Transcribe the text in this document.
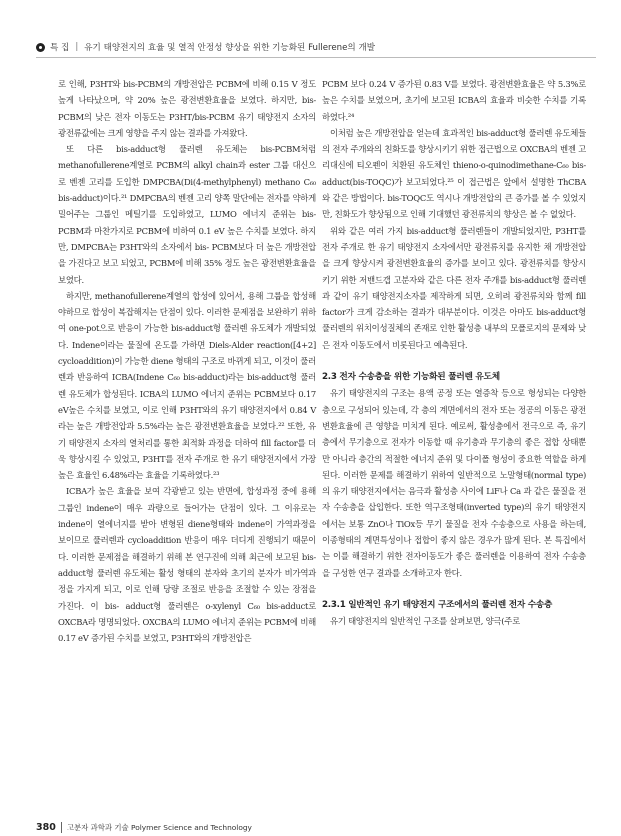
특 집 | 유기 태양전지의 효율 및 열적 안정성 향상을 위한 기능화된 Fullerene의 개발

로 인해, P3HT와 bis-PCBM의 개방전압은 PCBM에 비해 0.15 V 정도 높게 나타났으며, 약 20% 높은 광전변환효율을 보였다. 하지만, bis-PCBM의 낮은 전자 이동도는 P3HT/bis-PCBM 유기 태양전지 소자의 광전류값에는 크게 영향을 주지 않는 결과를 가져왔다.

또 다른 bis-adduct형 풀러렌 유도체는 bis-PCBM처럼 methanofullerene계열로 PCBM의 alkyl chain과 ester 그룹 대신으로 벤젠 고리를 도입한 DMPCBA(Di(4-methylphenyl) methano C₆₀ bis-adduct)이다.²¹ DMPCBA의 벤젠 고리 양쪽 말단에는 전자를 약하게 밀어주는 그룹인 메틸기를 도입하였고, LUMO 에너지 준위는 bis- PCBM과 마찬가지로 PCBM에 비하여 0.1 eV 높은 수치를 보였다. 하지만, DMPCBA는 P3HT와의 소자에서 bis- PCBM보다 더 높은 개방전압을 가진다고 보고 되었고, PCBM에 비해 35% 정도 높은 광전변환효율을 보였다.

하지만, methanofullerene계열의 합성에 있어서, 용해 그룹을 합성해야하므로 합성이 복잡해지는 단점이 있다. 이러한 문제점을 보완하기 위하여 one-pot으로 반응이 가능한 bis-adduct형 풀러렌 유도체가 개발되었다. Indene이라는 물질에 온도를 가하면 Diels-Alder reaction([4+2] cycloaddition)이 가능한 diene 형태의 구조로 바뀌게 되고, 이것이 풀러렌과 반응하여 ICBA(Indene C₆₀ bis-adduct)라는 bis-adduct형 풀러렌 유도체가 합성된다. ICBA의 LUMO 에너지 준위는 PCBM보다 0.17 eV높은 수치를 보였고, 이로 인해 P3HT와의 유기 태양전지에서 0.84 V 라는 높은 개방전압과 5.5%라는 높은 광전변환효율을 보였다.²² 또한, 유기 태양전지 소자의 열처리를 통한 최적화 과정을 더하여 fill factor를 더욱 향상시킬 수 있었고, P3HT를 전자 주개로 한 유기 태양전지에서 가장 높은 효율인 6.48%라는 효율을 기록하였다.²³

ICBA가 높은 효율을 보여 각광받고 있는 반면에, 합성과정 중에 용해 그룹인 indene이 매우 과량으로 들어가는 단점이 있다. 그 이유로는 indene이 열에너지를 받아 변형된 diene형태와 indene이 가역과정을 보이므로 풀러렌과 cycloaddition 반응이 매우 더디게 진행되기 때문이다. 이러한 문제점을 해결하기 위해 본 연구진에 의해 최근에 보고된 bis-adduct형 풀러렌 유도체는 활성 형태의 분자와 초기의 분자가 비가역과정을 가지게 되고, 이로 인해 당량 조절로 반응을 조절할 수 있는 장점을 가진다. 이 bis- adduct형 풀러렌은 o-xylenyl C₆₀ bis-adduct로 OXCBA라 명명되었다. OXCBA의 LUMO 에너지 준위는 PCBM에 비해 0.17 eV 증가된 수치를 보였고, P3HT와의 개방전압은

PCBM 보다 0.24 V 증가된 0.83 V를 보였다. 광전변환효율은 약 5.3%로 높은 수치를 보였으며, 초기에 보고된 ICBA의 효율과 비슷한 수치를 기록하였다.²⁴

이처럼 높은 개방전압을 얻는데 효과적인 bis-adduct형 풀러렌 유도체들의 전자 주개와의 친화도를 향상시키기 위한 접근법으로 OXCBA의 벤젠 고리대신에 티오펜이 치환된 유도체인 thieno-o-quinodimethane-C₆₀ bis-adduct(bis-TOQC)가 보고되었다.²⁵ 이 접근법은 앞에서 설명한 ThCBA와 같은 방법이다. bis-TOQC도 역시나 개방전압의 큰 증가를 볼 수 있었지만, 친화도가 향상됨으로 인해 기대했던 광전류치의 향상은 볼 수 없었다.

위와 같은 여러 가지 bis-adduct형 풀러렌들이 개발되었지만, P3HT를 전자 주개로 한 유기 태양전지 소자에서만 광전류치를 유지한 채 개방전압을 크게 향상시켜 광전변환효율의 증가를 보이고 있다. 광전류치를 향상시키기 위한 저밴드갭 고분자와 같은 다른 전자 주개를 bis-adduct형 풀러렌과 같이 유기 태양전지소자를 제작하게 되면, 오히려 광전류치와 함께 fill factor가 크게 감소하는 결과가 대부분이다. 이것은 아마도 bis-adduct형 풀러렌의 위치이성질체의 존재로 인한 활성층 내부의 모폴로지의 문제와 낮은 전자 이동도에서 비롯된다고 예측된다.

2.3 전자 수송층을 위한 기능화된 풀러렌 유도체

유기 태양전지의 구조는 용액 공정 또는 열증착 등으로 형성되는 다양한 층으로 구성되어 있는데, 각 층의 계면에서의 전자 또는 정공의 이동은 광전변환효율에 큰 영향을 미치게 된다. 예로써, 활성층에서 전극으로 즉, 유기층에서 무기층으로 전자가 이동할 때 유기층과 무기층의 좋은 접합 상태뿐만 아니라 층간의 적절한 에너지 준위 및 다이폴 형성이 중요한 역할을 하게 된다. 이러한 문제를 해결하기 위하여 일반적으로 노말형태(normal type)의 유기 태양전지에서는 음극과 활성층 사이에 LiF나 Ca 과 같은 물질을 전자 수송층을 삽입한다. 또한 역구조형태(inverted type)의 유기 태양전지에서는 보통 ZnO나 TiOx등 무기 물질을 전자 수송층으로 사용을 하는데, 이종형태의 계면특성이나 접합이 좋지 않은 경우가 많게 된다. 본 특집에서는 이를 해결하기 위한 전자이동도가 좋은 풀러렌을 이용하여 전자 수송층을 구성한 연구 결과를 소개하고자 한다.

2.3.1 일반적인 유기 태양전지 구조에서의 풀러렌 전자 수송층

유기 태양전지의 일반적인 구조를 살펴보면, 양극(주로

380 고분자 과학과 기술 Polymer Science and Technology
